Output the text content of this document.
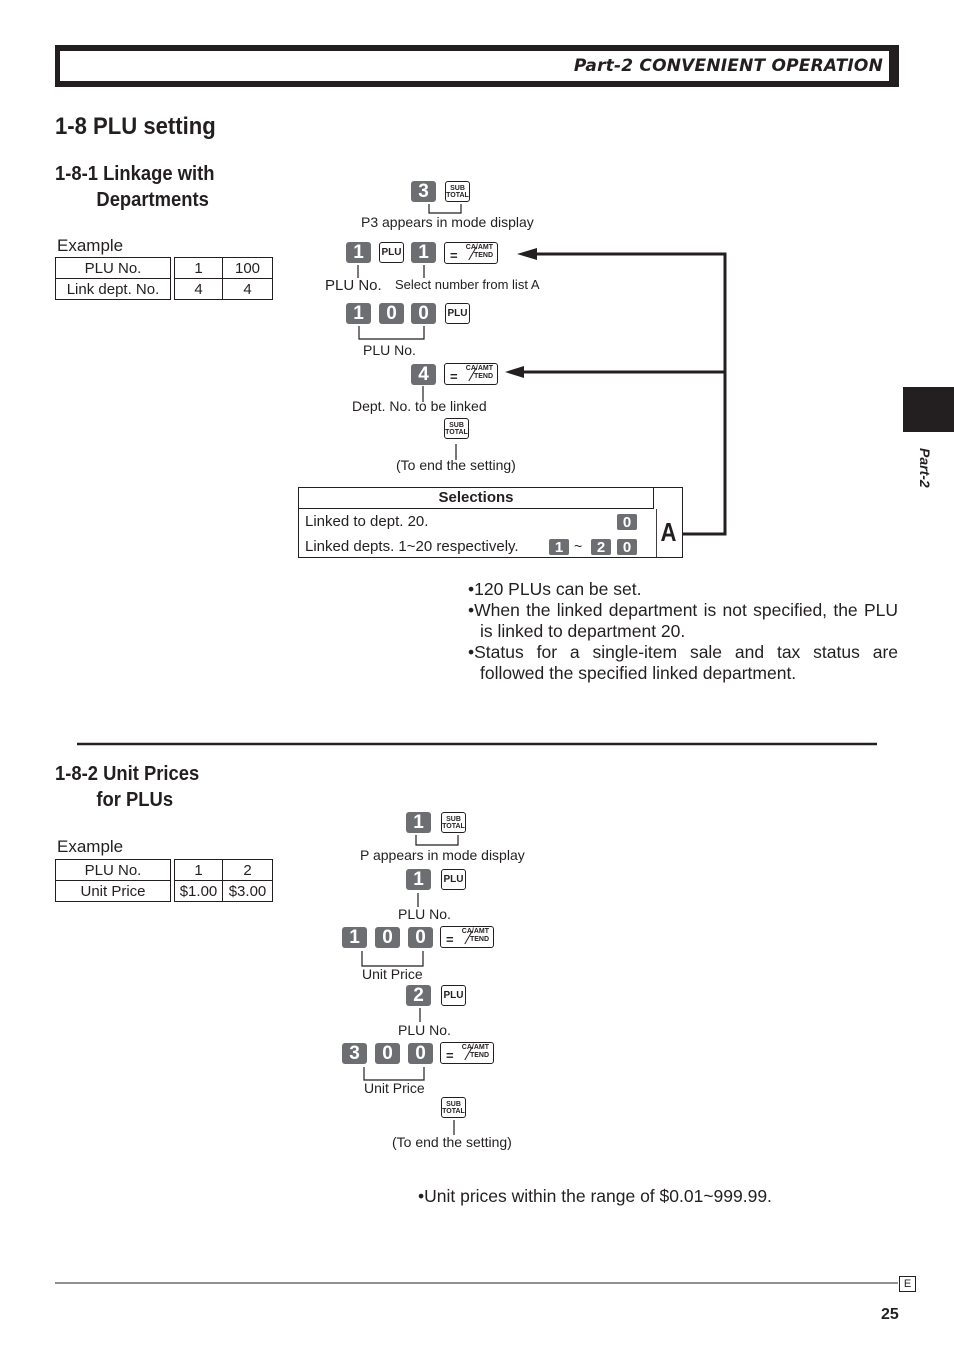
Part-2 CONVENIENT OPERATION
1-8 PLU setting
1-8-1 Linkage with
Departments
Example
PLU No.		1	100
Link dept. No.		4	4
3	SUB TOTAL
P3 appears in mode display
1	PLU 1	=
CA/AMT TEND
PLU No. Select number from list A
1	0	0	PLU
PLU No.
4	=
CA/AMT TEND
Dept. No. to be linked
SUB TOTAL
(To end the setting)
Selections
Linked to dept. 20.	0
Linked depts. 1~20 respectively.	1 ~ 2	0 A
•120 PLUs can be set.
•When the linked department is not specified, the PLU is linked to department 20.
•Status for a single-item sale and tax status are followed the specified linked department.
1-8-2 Unit Prices
for PLUs
Example
PLU No.		1	2
Unit Price		$1.00	$3.00
1	SUB TOTAL
P appears in mode display
1	PLU
PLU No.
1	0	0	=
CA/AMT TEND
Unit Price
2	PLU
PLU No.
3	0	0	=
CA/AMT TEND
Unit Price
SUB TOTAL
(To end the setting)
•Unit prices within the range of $0.01~999.99.
Part-2
E
25
